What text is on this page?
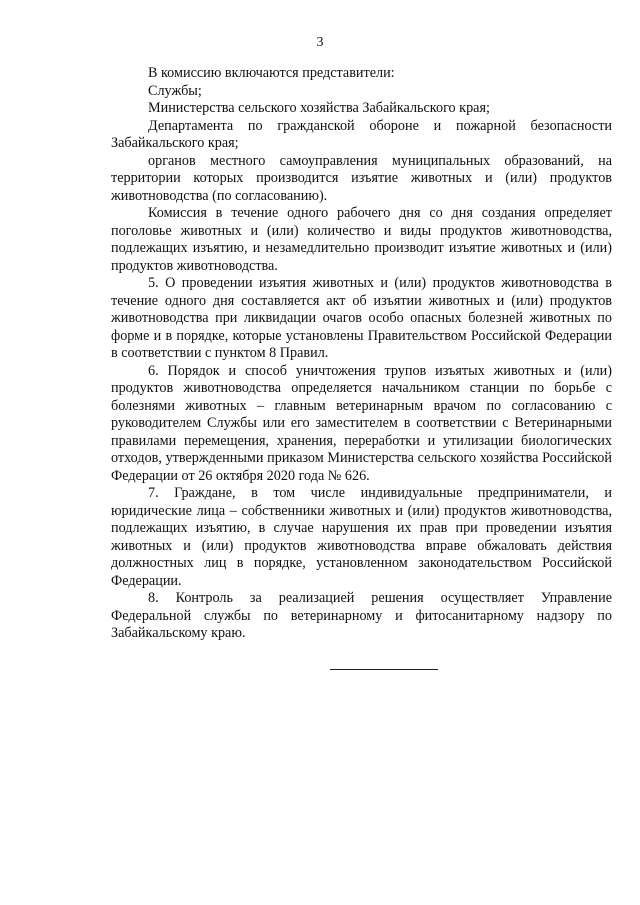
3

В комиссию включаются представители:

Службы;

Министерства сельского хозяйства Забайкальского края;

Департамента по гражданской обороне и пожарной безопасности Забайкальского края;

органов местного самоуправления муниципальных образований, на территории которых производится изъятие животных и (или) продуктов животноводства (по согласованию).

Комиссия в течение одного рабочего дня со дня создания определяет поголовье животных и (или) количество и виды продуктов животноводства, подлежащих изъятию, и незамедлительно производит изъятие животных и (или) продуктов животноводства.

5. О проведении изъятия животных и (или) продуктов животноводства в течение одного дня составляется акт об изъятии животных и (или) продуктов животноводства при ликвидации очагов особо опасных болезней животных по форме и в порядке, которые установлены Правительством Российской Федерации в соответствии с пунктом 8 Правил.

6. Порядок и способ уничтожения трупов изъятых животных и (или) продуктов животноводства определяется начальником станции по борьбе с болезнями животных – главным ветеринарным врачом по согласованию с руководителем Службы или его заместителем в соответствии с Ветеринарными правилами перемещения, хранения, переработки и утилизации биологических отходов, утвержденными приказом Министерства сельского хозяйства Российской Федерации от 26 октября 2020 года № 626.

7. Граждане, в том числе индивидуальные предприниматели, и юридические лица – собственники животных и (или) продуктов животноводства, подлежащих изъятию, в случае нарушения их прав при проведении изъятия животных и (или) продуктов животноводства вправе обжаловать действия должностных лиц в порядке, установленном законодательством Российской Федерации.

8. Контроль за реализацией решения осуществляет Управление Федеральной службы по ветеринарному и фитосанитарному надзору по Забайкальскому краю.
